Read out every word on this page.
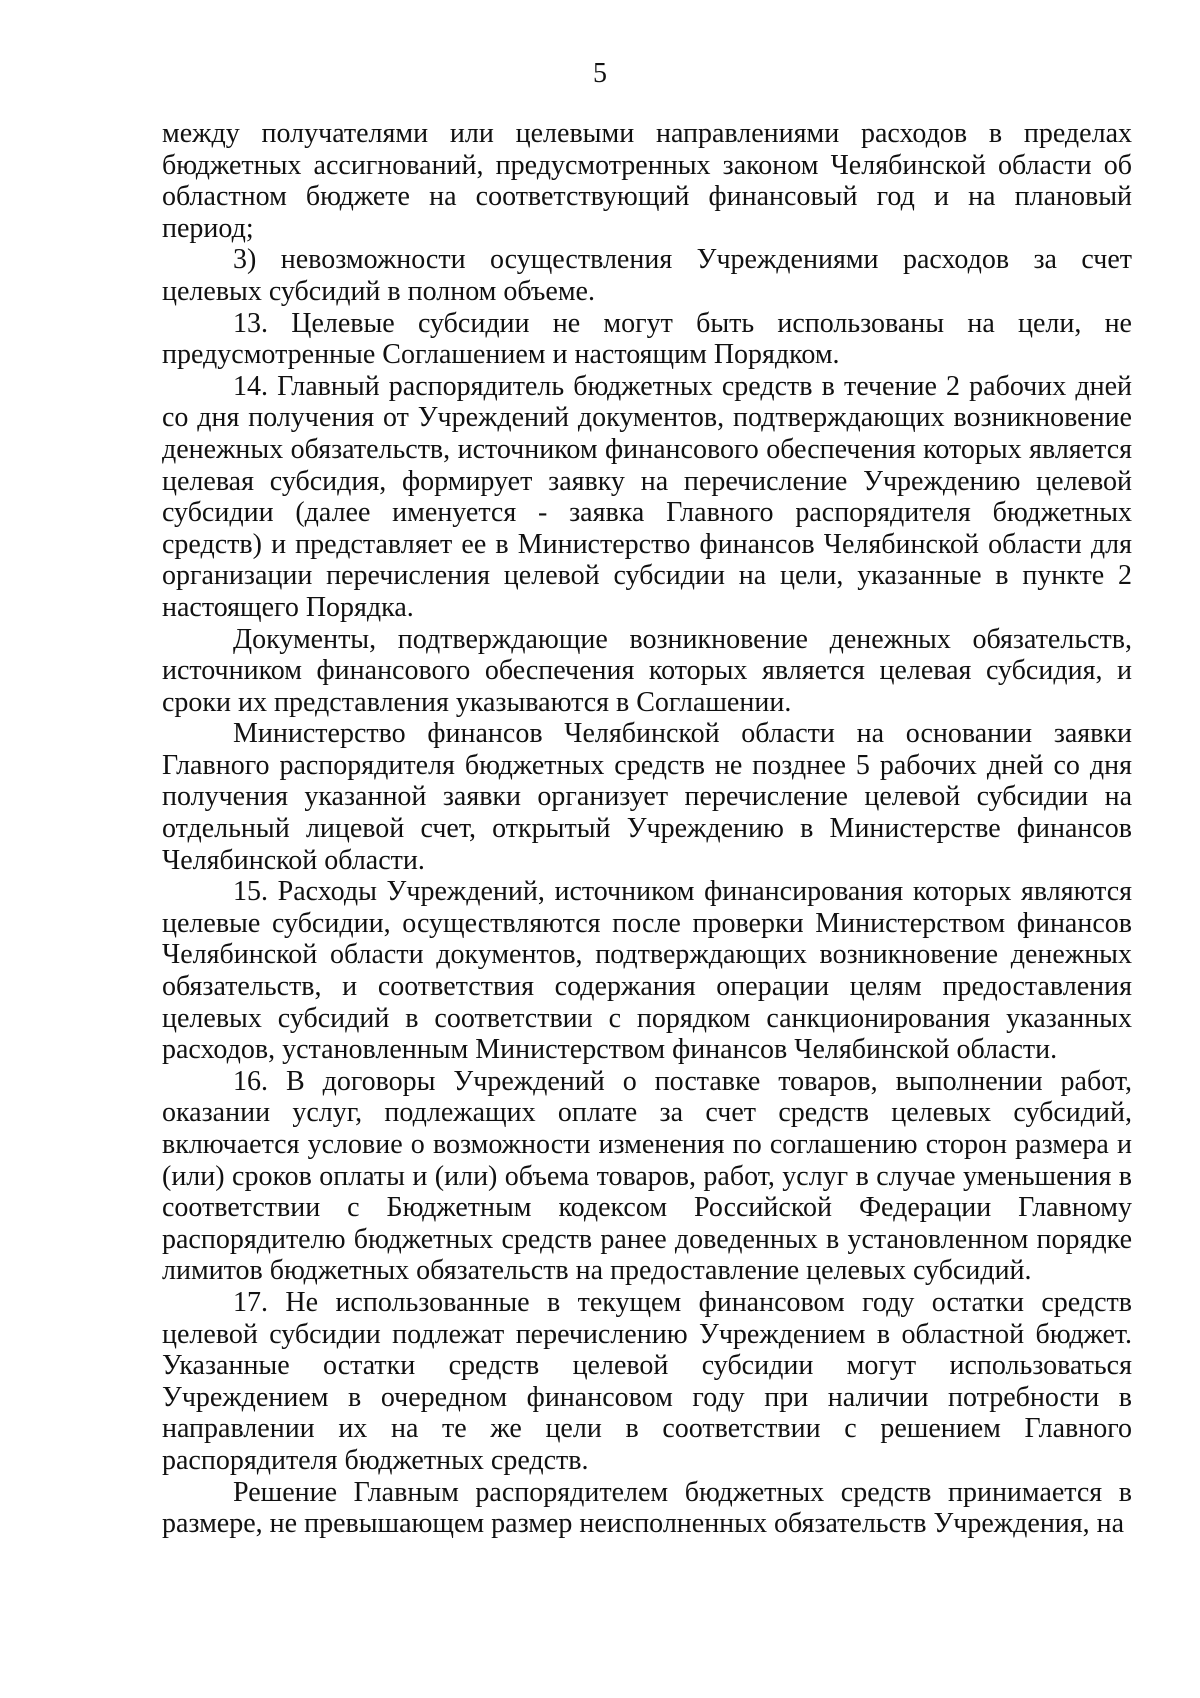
5

между получателями или целевыми направлениями расходов в пределах бюджетных ассигнований, предусмотренных законом Челябинской области об областном бюджете на соответствующий финансовый год и на плановый период;

3) невозможности осуществления Учреждениями расходов за счет целевых субсидий в полном объеме.

13. Целевые субсидии не могут быть использованы на цели, не предусмотренные Соглашением и настоящим Порядком.

14. Главный распорядитель бюджетных средств в течение 2 рабочих дней со дня получения от Учреждений документов, подтверждающих возникновение денежных обязательств, источником финансового обеспечения которых является целевая субсидия, формирует заявку на перечисление Учреждению целевой субсидии (далее именуется - заявка Главного распорядителя бюджетных средств) и представляет ее в Министерство финансов Челябинской области для организации перечисления целевой субсидии на цели, указанные в пункте 2 настоящего Порядка.

Документы, подтверждающие возникновение денежных обязательств, источником финансового обеспечения которых является целевая субсидия, и сроки их представления указываются в Соглашении.

Министерство финансов Челябинской области на основании заявки Главного распорядителя бюджетных средств не позднее 5 рабочих дней со дня получения указанной заявки организует перечисление целевой субсидии на отдельный лицевой счет, открытый Учреждению в Министерстве финансов Челябинской области.

15. Расходы Учреждений, источником финансирования которых являются целевые субсидии, осуществляются после проверки Министерством финансов Челябинской области документов, подтверждающих возникновение денежных обязательств, и соответствия содержания операции целям предоставления целевых субсидий в соответствии с порядком санкционирования указанных расходов, установленным Министерством финансов Челябинской области.

16. В договоры Учреждений о поставке товаров, выполнении работ, оказании услуг, подлежащих оплате за счет средств целевых субсидий, включается условие о возможности изменения по соглашению сторон размера и (или) сроков оплаты и (или) объема товаров, работ, услуг в случае уменьшения в соответствии с Бюджетным кодексом Российской Федерации Главному распорядителю бюджетных средств ранее доведенных в установленном порядке лимитов бюджетных обязательств на предоставление целевых субсидий.

17. Не использованные в текущем финансовом году остатки средств целевой субсидии подлежат перечислению Учреждением в областной бюджет. Указанные остатки средств целевой субсидии могут использоваться Учреждением в очередном финансовом году при наличии потребности в направлении их на те же цели в соответствии с решением Главного распорядителя бюджетных средств.

Решение Главным распорядителем бюджетных средств принимается в размере, не превышающем размер неисполненных обязательств Учреждения, на
